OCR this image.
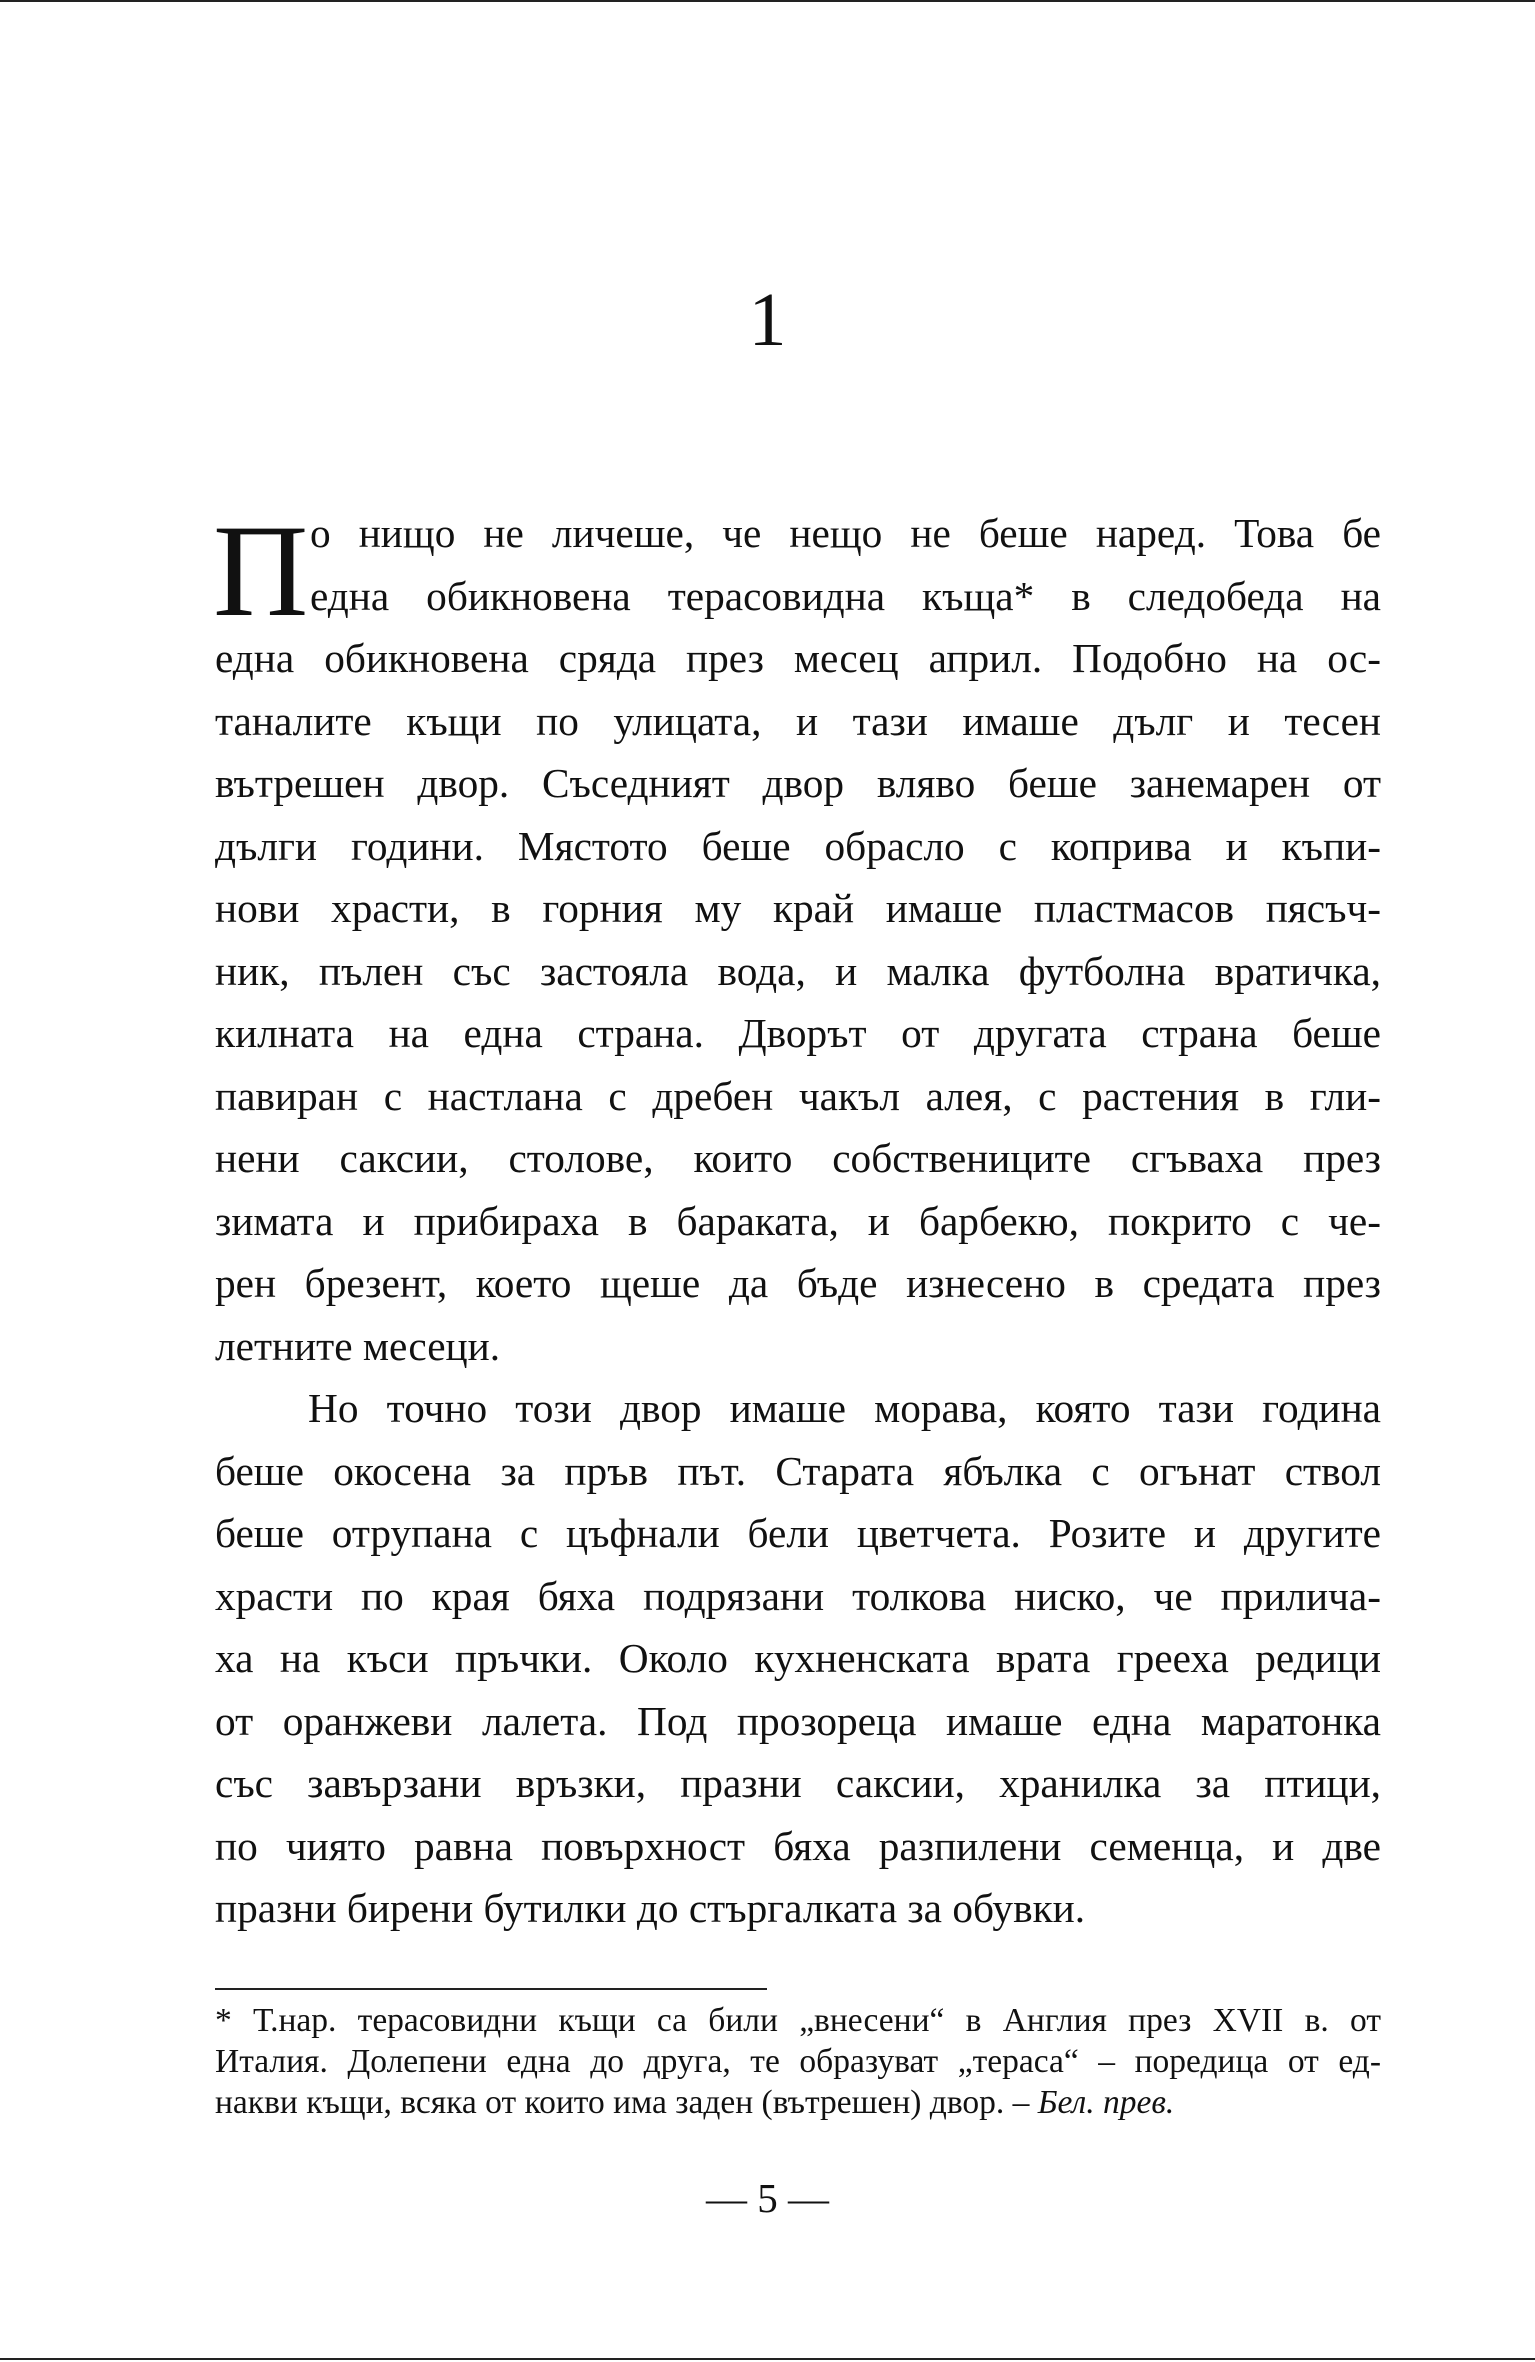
1
П о нищо не личеше, че нещо не беше наред. Това бе
една обикновена терасовидна къща* в следобеда на
една обикновена сряда през месец април. Подобно на ос-
таналите къщи по улицата, и тази имаше дълг и тесен
вътрешен двор. Съседният двор вляво беше занемарен от
дълги години. Мястото беше обрасло с коприва и къпи-
нови храсти, в горния му край имаше пластмасов пясъч-
ник, пълен със застояла вода, и малка футболна вратичка,
килната на една страна. Дворът от другата страна беше
павиран с настлана с дребен чакъл алея, с растения в гли-
нени саксии, столове, които собствениците сгъваха през
зимата и прибираха в бараката, и барбекю, покрито с че-
рен брезент, което щеше да бъде изнесено в средата през
летните месеци.
Но точно този двор имаше морава, която тази година
беше окосена за пръв път. Старата ябълка с огънат ствол
беше отрупана с цъфнали бели цветчета. Розите и другите
храсти по края бяха подрязани толкова ниско, че прилича-
ха на къси пръчки. Около кухненската врата грееха редици
от оранжеви лалета. Под прозореца имаше една маратонка
със завързани връзки, празни саксии, хранилка за птици,
по чиято равна повърхност бяха разпилени семенца, и две
празни бирени бутилки до стъргалката за обувки.
* Т.нар. терасовидни къщи са били „внесени“ в Англия през XVII в. от
Италия. Долепени една до друга, те образуват „тераса“ – поредица от ед-
накви къщи, всяка от които има заден (вътрешен) двор. – Бел. прев.
— 5 —
